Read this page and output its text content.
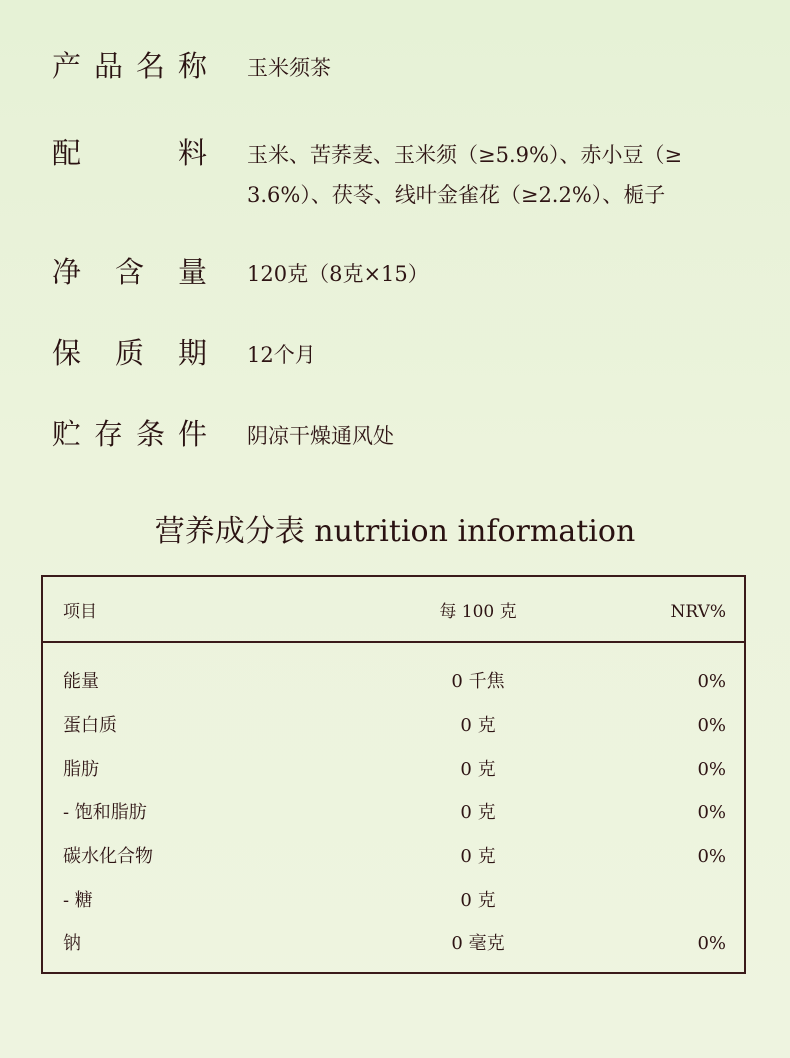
产 品 名 称 玉米须茶
配	料 玉米、苦荞麦、玉米须（≥5.9%）、赤小豆（≥
3.6%）、茯苓、线叶金雀花（≥2.2%）、栀子
净 含 量 120克（8克×15）
保 质 期 12个月
贮 存 条 件 阴凉干燥通风处
营养成分表 nutrition information
项目	每 100 克	NRV%
能量	0 千焦	0%
蛋白质	0 克	0%
脂肪	0 克	0%
- 饱和脂肪	0 克	0%
碳水化合物	0 克	0%
- 糖	0 克
钠	0 毫克	0%
